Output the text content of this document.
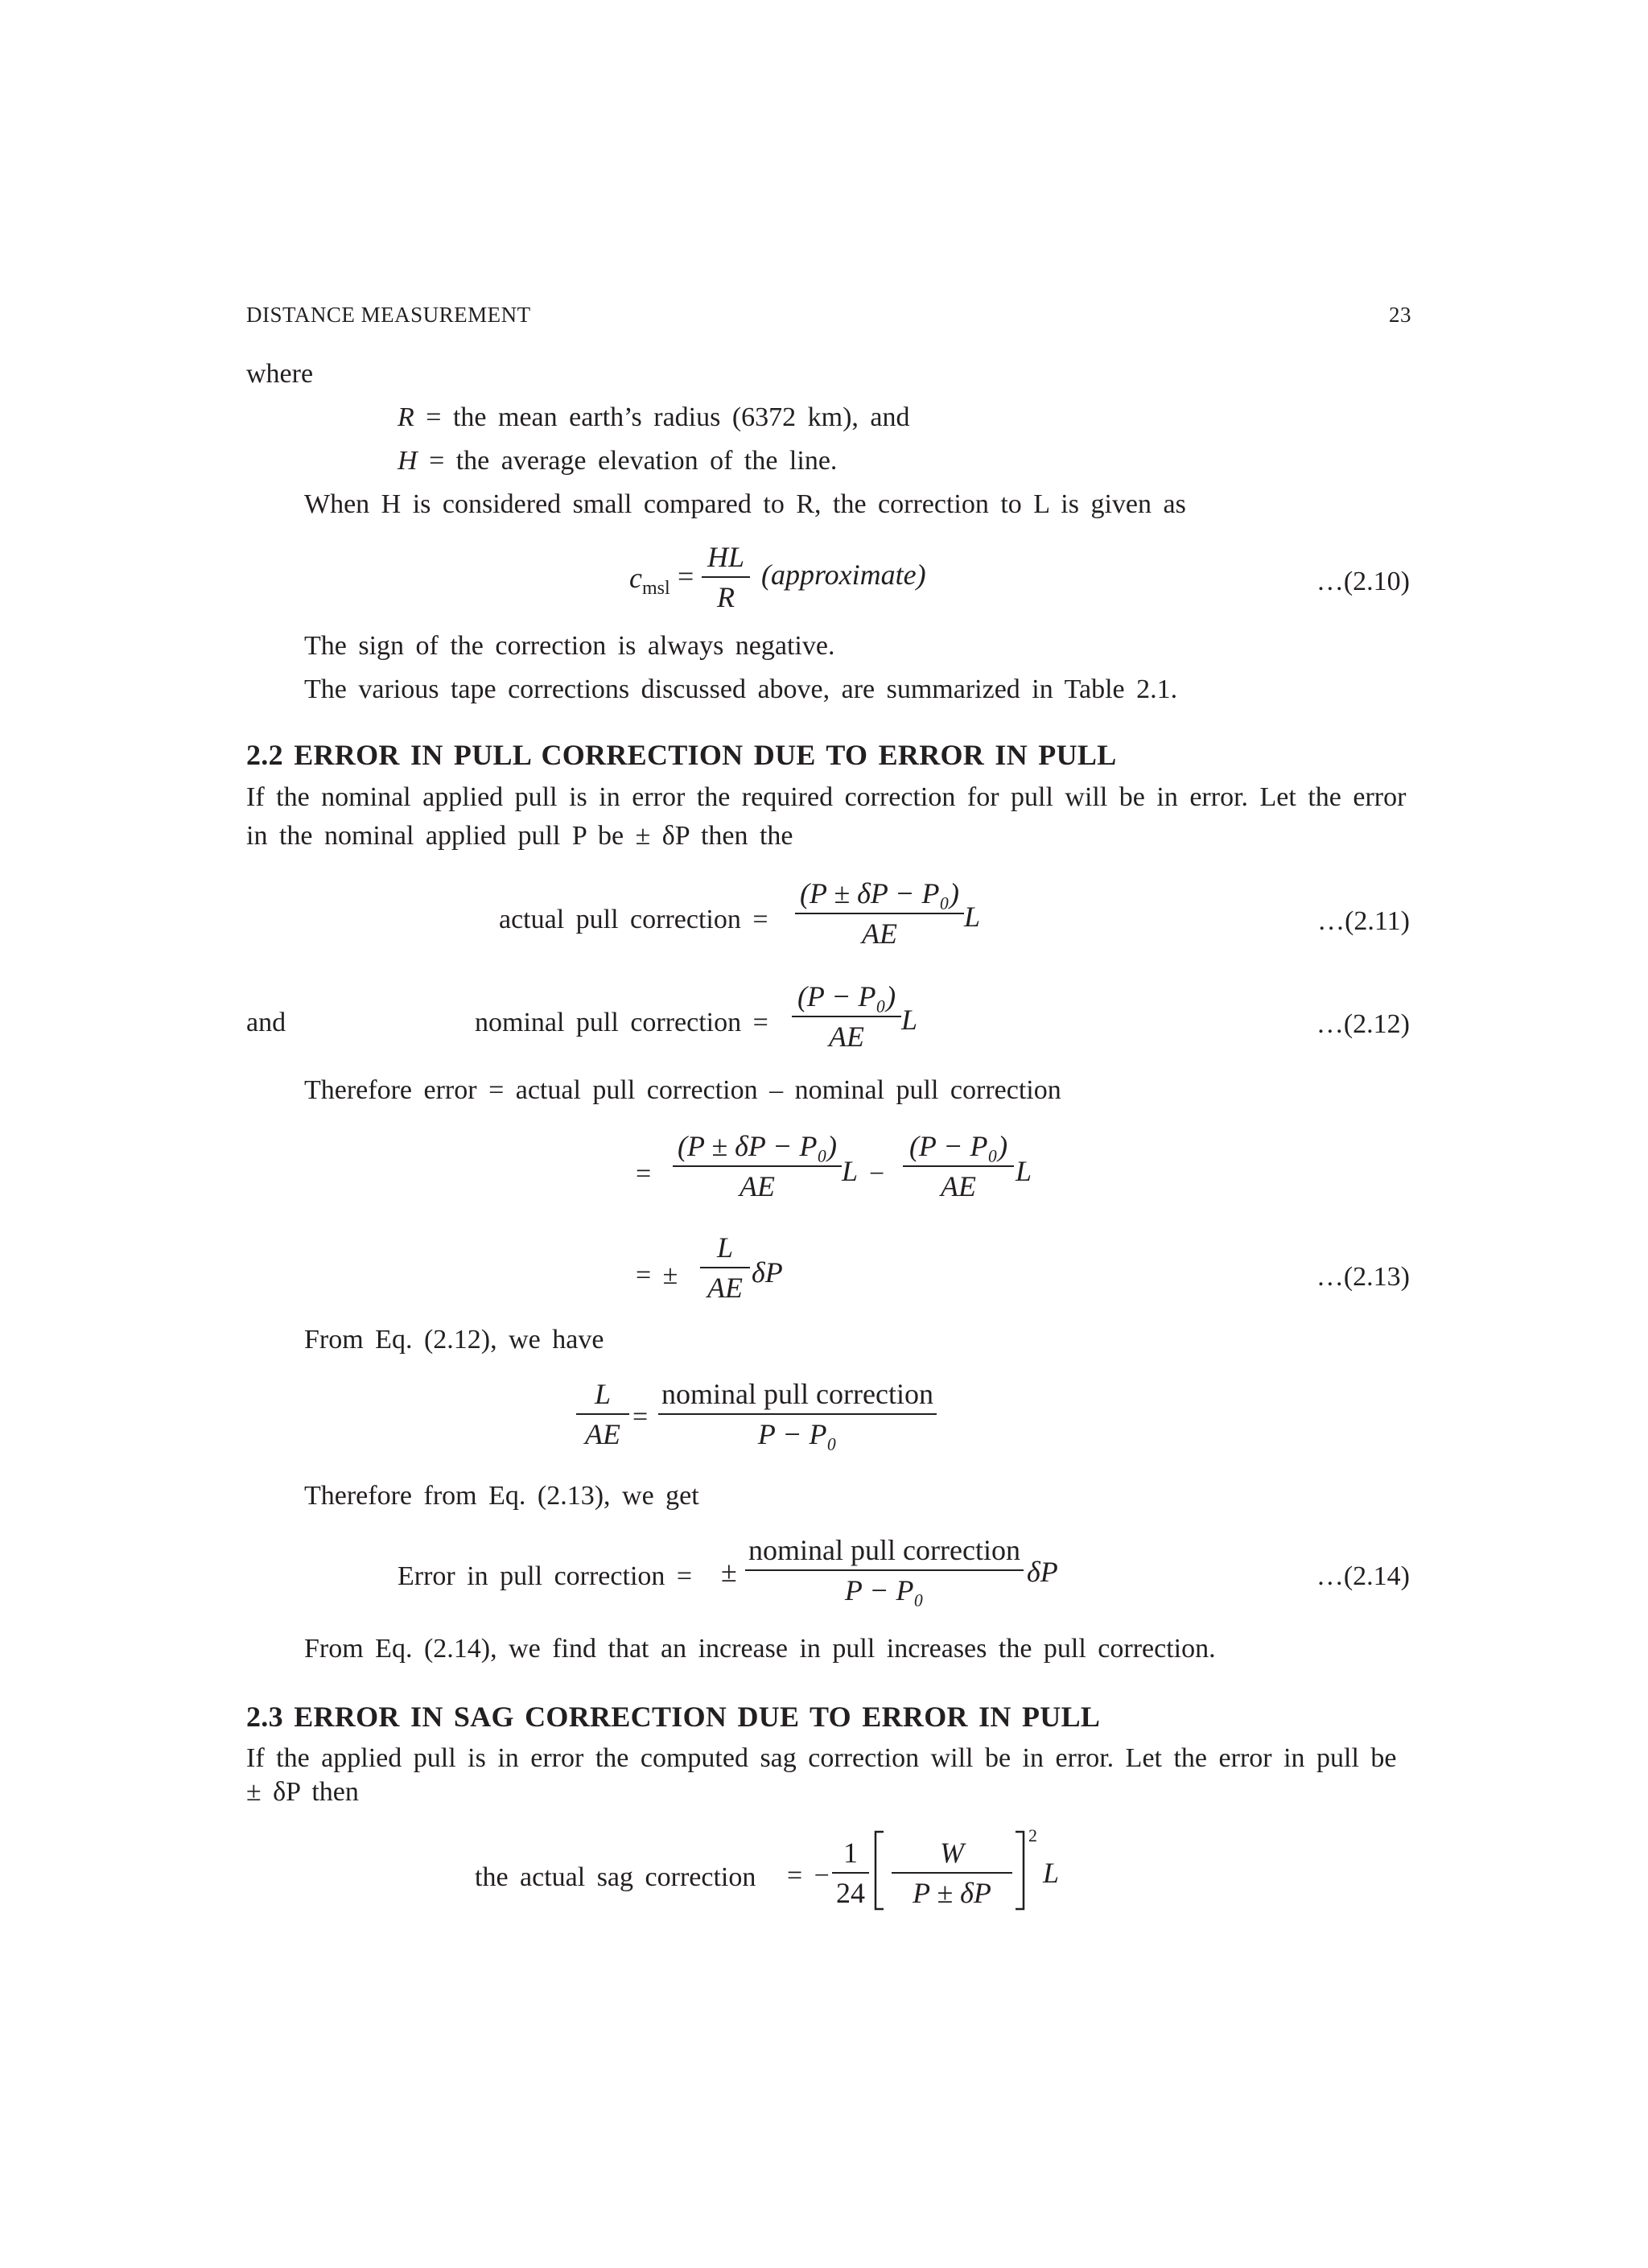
DISTANCE MEASUREMENT	23
where
R = the mean earth’s radius (6372 km), and
H = the average elevation of the line.
When H is considered small compared to R, the correction to L is given as
$c_{msl}$ =
HL
R
(approximate)	…(2.10)
The sign of the correction is always negative.
The various tape corrections discussed above, are summarized in Table 2.1.
2.2 ERROR IN PULL CORRECTION DUE TO ERROR IN PULL
If the nominal applied pull is in error the required correction for pull will be in error. Let the error
in the nominal applied pull P be ± δP then the
actual pull correction =
(P ± δP − P₀)
AE
L	…(2.11)
and	nominal pull correction =
(P − P₀)
AE
L	…(2.12)
Therefore error = actual pull correction – nominal pull correction
=
(P ± δP − P₀)
AE	L −
(P − P₀)
AE	L
= ±
L
AE δP	…(2.13)
From Eq. (2.12), we have
L
AE
=
nominal pull correction
P − P₀
Therefore from Eq. (2.13), we get
Error in pull correction = ±
nominal pull correction
P − P₀
δP	…(2.14)
From Eq. (2.14), we find that an increase in pull increases the pull correction.
2.3 ERROR IN SAG CORRECTION DUE TO ERROR IN PULL
If the applied pull is in error the computed sag correction will be in error. Let the error in pull be
± δP then
the actual sag correction = −
1
24
W
P ± δP
2
L
